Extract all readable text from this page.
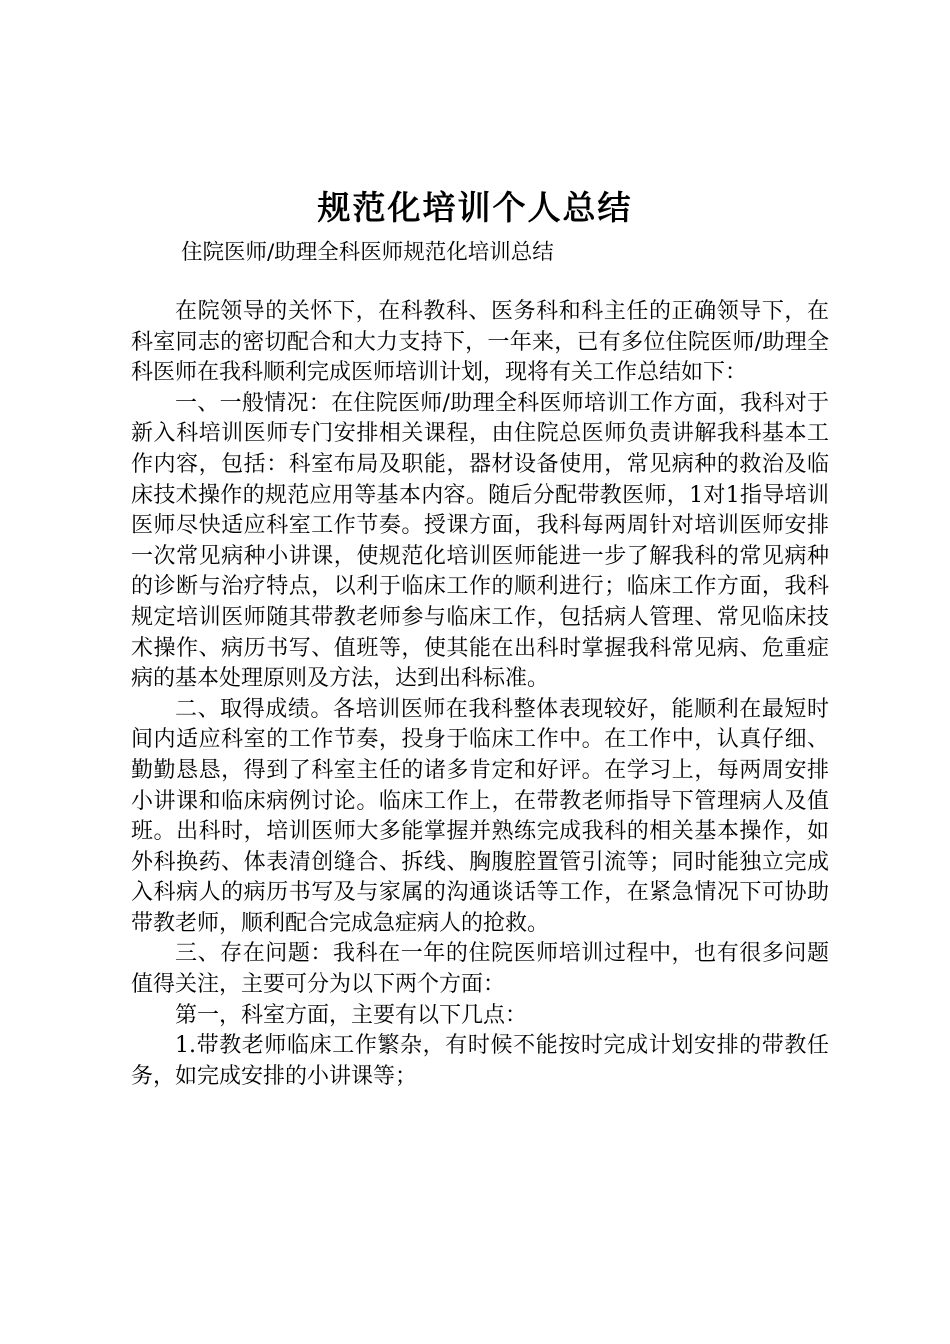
规范化培训个人总结
住院医师/助理全科医师规范化培训总结

在院领导的关怀下，在科教科、医务科和科主任的正确领导下，在科室同志的密切配合和大力支持下，一年来，已有多位住院医师/助理全科医师在我科顺利完成医师培训计划，现将有关工作总结如下：

一、一般情况：在住院医师/助理全科医师培训工作方面，我科对于新入科培训医师专门安排相关课程，由住院总医师负责讲解我科基本工作内容，包括：科室布局及职能，器材设备使用，常见病种的救治及临床技术操作的规范应用等基本内容。随后分配带教医师，1对1指导培训医师尽快适应科室工作节奏。授课方面，我科每两周针对培训医师安排一次常见病种小讲课，使规范化培训医师能进一步了解我科的常见病种的诊断与治疗特点，以利于临床工作的顺利进行；临床工作方面，我科规定培训医师随其带教老师参与临床工作，包括病人管理、常见临床技术操作、病历书写、值班等，使其能在出科时掌握我科常见病、危重症病的基本处理原则及方法，达到出科标准。

二、取得成绩。各培训医师在我科整体表现较好，能顺利在最短时间内适应科室的工作节奏，投身于临床工作中。在工作中，认真仔细、勤勤恳恳，得到了科室主任的诸多肯定和好评。在学习上，每两周安排小讲课和临床病例讨论。临床工作上，在带教老师指导下管理病人及值班。出科时，培训医师大多能掌握并熟练完成我科的相关基本操作，如外科换药、体表清创缝合、拆线、胸腹腔置管引流等；同时能独立完成入科病人的病历书写及与家属的沟通谈话等工作，在紧急情况下可协助带教老师，顺利配合完成急症病人的抢救。

三、存在问题：我科在一年的住院医师培训过程中，也有很多问题值得关注，主要可分为以下两个方面：

第一，科室方面，主要有以下几点：

1.带教老师临床工作繁杂，有时候不能按时完成计划安排的带教任务，如完成安排的小讲课等；
